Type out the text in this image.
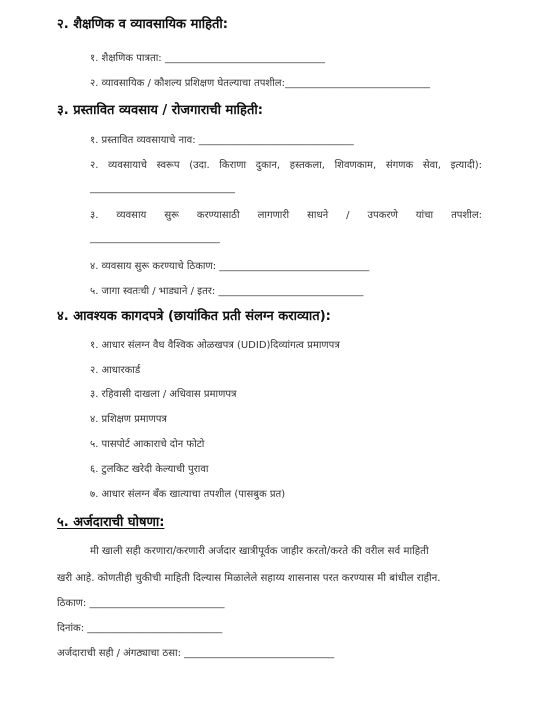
२. शैक्षणिक व व्यावसायिक माहिती:
१. शैक्षणिक पात्रता: ________________________________
२. व्यावसायिक / कौशल्य प्रशिक्षण घेतल्याचा तपशील:_____________________________
३. प्रस्तावित व्यवसाय / रोजगाराची माहिती:
१. प्रस्तावित व्यवसायाचे नाव: _______________________________
२. व्यवसायाचे स्वरूप (उदा. किराणा दुकान, हस्तकला, शिवणकाम, संगणक सेवा, इत्यादी):
_____________________________
३. व्यवसाय सुरू करण्यासाठी लागणारी साधने / उपकरणे यांचा तपशील:
__________________________
४. व्यवसाय सुरू करण्याचे ठिकाण: ______________________________
५. जागा स्वतःची / भाड्याने / इतर: _____________________________
४. आवश्यक कागदपत्रे (छायांकित प्रती संलग्न कराव्यात):
१. आधार संलग्न वैध वैश्विक ओळखपत्र (UDID)दिव्यांगत्व प्रमाणपत्र
२. आधारकार्ड
३. रहिवासी दाखला / अधिवास प्रमाणपत्र
४. प्रशिक्षण प्रमाणपत्र
५. पासपोर्ट आकाराचे दोन फोटो
६. टुलकिट खरेदी केल्याची पुरावा
७. आधार संलग्न बँक खात्याचा तपशील (पासबुक प्रत)
५. अर्जदाराची घोषणा:
मी खाली सही करणारा/करणारी अर्जदार खात्रीपूर्वक जाहीर करतो/करते की वरील सर्व माहिती
खरी आहे. कोणतीही चुकीची माहिती दिल्यास मिळालेले सहाय्य शासनास परत करण्यास मी बांधील राहीन.
ठिकाण: ___________________________
दिनांक: ___________________________
अर्जदाराची सही / अंगठ्याचा ठसा: ______________________________
